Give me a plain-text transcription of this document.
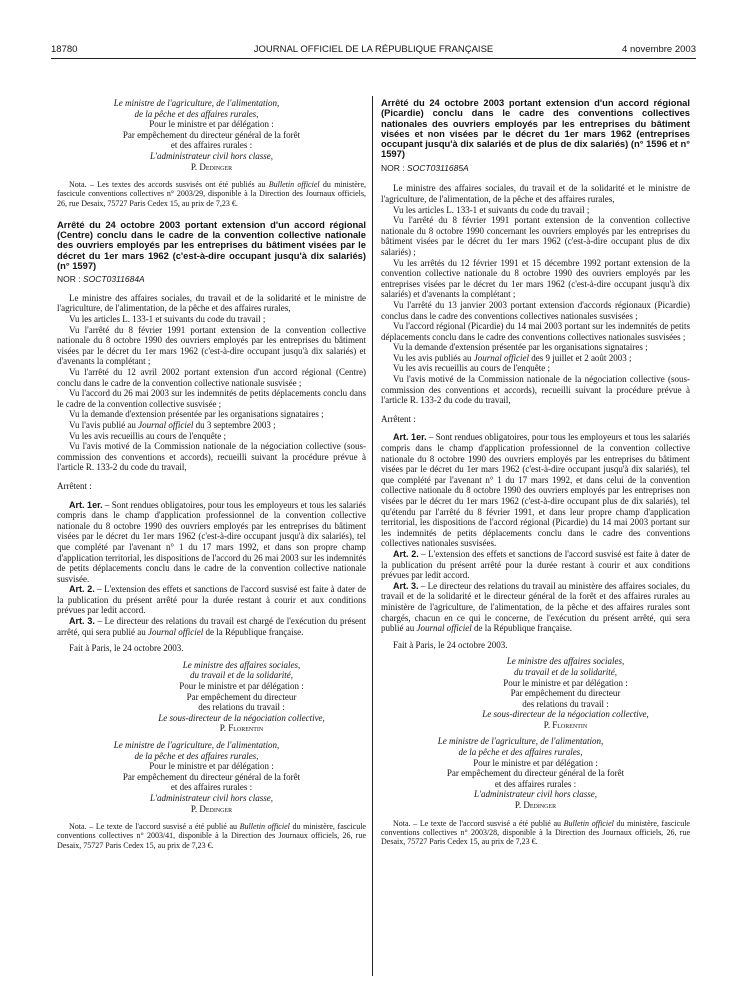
18780	JOURNAL OFFICIEL DE LA RÉPUBLIQUE FRANÇAISE	4 novembre 2003
Le ministre de l'agriculture, de l'alimentation,
de la pêche et des affaires rurales,
Pour le ministre et par délégation :
Par empêchement du directeur général de la forêt
et des affaires rurales :
L'administrateur civil hors classe,
P. Dedinger

Nota. – Les textes des accords susvisés ont été publiés au Bulletin officiel du ministère, fascicule conventions collectives n° 2003/29, disponible à la Direction des Journaux officiels, 26, rue Desaix, 75727 Paris Cedex 15, au prix de 7,23 €.

Arrêté du 24 octobre 2003 portant extension d'un accord régional (Centre) conclu dans le cadre de la convention collective nationale des ouvriers employés par les entreprises du bâtiment visées par le décret du 1er mars 1962 (c'est-à-dire occupant jusqu'à dix salariés) (n° 1597)

NOR : SOCT0311684A

Le ministre des affaires sociales, du travail et de la solidarité et le ministre de l'agriculture, de l'alimentation, de la pêche et des affaires rurales,

Vu les articles L. 133-1 et suivants du code du travail ;

Vu l'arrêté du 8 février 1991 portant extension de la convention collective nationale du 8 octobre 1990 des ouvriers employés par les entreprises du bâtiment visées par le décret du 1er mars 1962 (c'est-à-dire occupant jusqu'à dix salariés) et d'avenants la complétant ;

Vu l'arrêté du 12 avril 2002 portant extension d'un accord régional (Centre) conclu dans le cadre de la convention collective nationale susvisée ;

Vu l'accord du 26 mai 2003 sur les indemnités de petits déplacements conclu dans le cadre de la convention collective susvisée ;

Vu la demande d'extension présentée par les organisations signataires ;

Vu l'avis publié au Journal officiel du 3 septembre 2003 ;

Vu les avis recueillis au cours de l'enquête ;

Vu l'avis motivé de la Commission nationale de la négociation collective (sous-commission des conventions et accords), recueilli suivant la procédure prévue à l'article R. 133-2 du code du travail,

Arrêtent :

Art. 1er. – Sont rendues obligatoires, pour tous les employeurs et tous les salariés compris dans le champ d'application professionnel de la convention collective nationale du 8 octobre 1990 des ouvriers employés par les entreprises du bâtiment visées par le décret du 1er mars 1962 (c'est-à-dire occupant jusqu'à dix salariés), tel que complété par l'avenant n° 1 du 17 mars 1992, et dans son propre champ d'application territorial, les dispositions de l'accord du 26 mai 2003 sur les indemnités de petits déplacements conclu dans le cadre de la convention collective nationale susvisée.

Art. 2. – L'extension des effets et sanctions de l'accord susvisé est faite à dater de la publication du présent arrêté pour la durée restant à courir et aux conditions prévues par ledit accord.

Art. 3. – Le directeur des relations du travail est chargé de l'exécution du présent arrêté, qui sera publié au Journal officiel de la République française.

Fait à Paris, le 24 octobre 2003.

Le ministre des affaires sociales,
du travail et de la solidarité,
Pour le ministre et par délégation :
Par empêchement du directeur
des relations du travail :
Le sous-directeur de la négociation collective,
P. Florentin
Le ministre de l'agriculture, de l'alimentation,
de la pêche et des affaires rurales,
Pour le ministre et par délégation :
Par empêchement du directeur général de la forêt
et des affaires rurales :
L'administrateur civil hors classe,
P. Dedinger

Nota. – Le texte de l'accord susvisé a été publié au Bulletin officiel du ministère, fascicule conventions collectives n° 2003/41, disponible à la Direction des Journaux officiels, 26, rue Desaix, 75727 Paris Cedex 15, au prix de 7,23 €.

Arrêté du 24 octobre 2003 portant extension d'un accord régional (Picardie) conclu dans le cadre des conventions collectives nationales des ouvriers employés par les entreprises du bâtiment visées et non visées par le décret du 1er mars 1962 (entreprises occupant jusqu'à dix salariés et de plus de dix salariés) (n° 1596 et n° 1597)

NOR : SOCT0311685A

Le ministre des affaires sociales, du travail et de la solidarité et le ministre de l'agriculture, de l'alimentation, de la pêche et des affaires rurales,

Vu les articles L. 133-1 et suivants du code du travail ;

Vu l'arrêté du 8 février 1991 portant extension de la convention collective nationale du 8 octobre 1990 concernant les ouvriers employés par les entreprises du bâtiment visées par le décret du 1er mars 1962 (c'est-à-dire occupant plus de dix salariés) ;

Vu les arrêtés du 12 février 1991 et 15 décembre 1992 portant extension de la convention collective nationale du 8 octobre 1990 des ouvriers employés par les entreprises visées par le décret du 1er mars 1962 (c'est-à-dire occupant jusqu'à dix salariés) et d'avenants la complétant ;

Vu l'arrêté du 13 janvier 2003 portant extension d'accords régionaux (Picardie) conclus dans le cadre des conventions collectives nationales susvisées ;

Vu l'accord régional (Picardie) du 14 mai 2003 portant sur les indemnités de petits déplacements conclu dans le cadre des conventions collectives nationales susvisées ;

Vu la demande d'extension présentée par les organisations signataires ;

Vu les avis publiés au Journal officiel des 9 juillet et 2 août 2003 ;

Vu les avis recueillis au cours de l'enquête ;

Vu l'avis motivé de la Commission nationale de la négociation collective (sous-commission des conventions et accords), recueilli suivant la procédure prévue à l'article R. 133-2 du code du travail,

Arrêtent :

Art. 1er. – Sont rendues obligatoires, pour tous les employeurs et tous les salariés compris dans le champ d'application professionnel de la convention collective nationale du 8 octobre 1990 des ouvriers employés par les entreprises du bâtiment visées par le décret du 1er mars 1962 (c'est-à-dire occupant jusqu'à dix salariés), tel que complété par l'avenant n° 1 du 17 mars 1992, et dans celui de la convention collective nationale du 8 octobre 1990 des ouvriers employés par les entreprises non visées par le décret du 1er mars 1962 (c'est-à-dire occupant plus de dix salariés), tel qu'étendu par l'arrêté du 8 février 1991, et dans leur propre champ d'application territorial, les dispositions de l'accord régional (Picardie) du 14 mai 2003 portant sur les indemnités de petits déplacements conclu dans le cadre des conventions collectives nationales susvisées.

Art. 2. – L'extension des effets et sanctions de l'accord susvisé est faite à dater de la publication du présent arrêté pour la durée restant à courir et aux conditions prévues par ledit accord.

Art. 3. – Le directeur des relations du travail au ministère des affaires sociales, du travail et de la solidarité et le directeur général de la forêt et des affaires rurales au ministère de l'agriculture, de l'alimentation, de la pêche et des affaires rurales sont chargés, chacun en ce qui le concerne, de l'exécution du présent arrêté, qui sera publié au Journal officiel de la République française.

Fait à Paris, le 24 octobre 2003.

Le ministre des affaires sociales,
du travail et de la solidarité,
Pour le ministre et par délégation :
Par empêchement du directeur
des relations du travail :
Le sous-directeur de la négociation collective,
P. Florentin
Le ministre de l'agriculture, de l'alimentation,
de la pêche et des affaires rurales,
Pour le ministre et par délégation :
Par empêchement du directeur général de la forêt
et des affaires rurales :
L'administrateur civil hors classe,
P. Dedinger

Nota. – Le texte de l'accord susvisé a été publié au Bulletin officiel du ministère, fascicule conventions collectives n° 2003/28, disponible à la Direction des Journaux officiels, 26, rue Desaix, 75727 Paris Cedex 15, au prix de 7,23 €.
